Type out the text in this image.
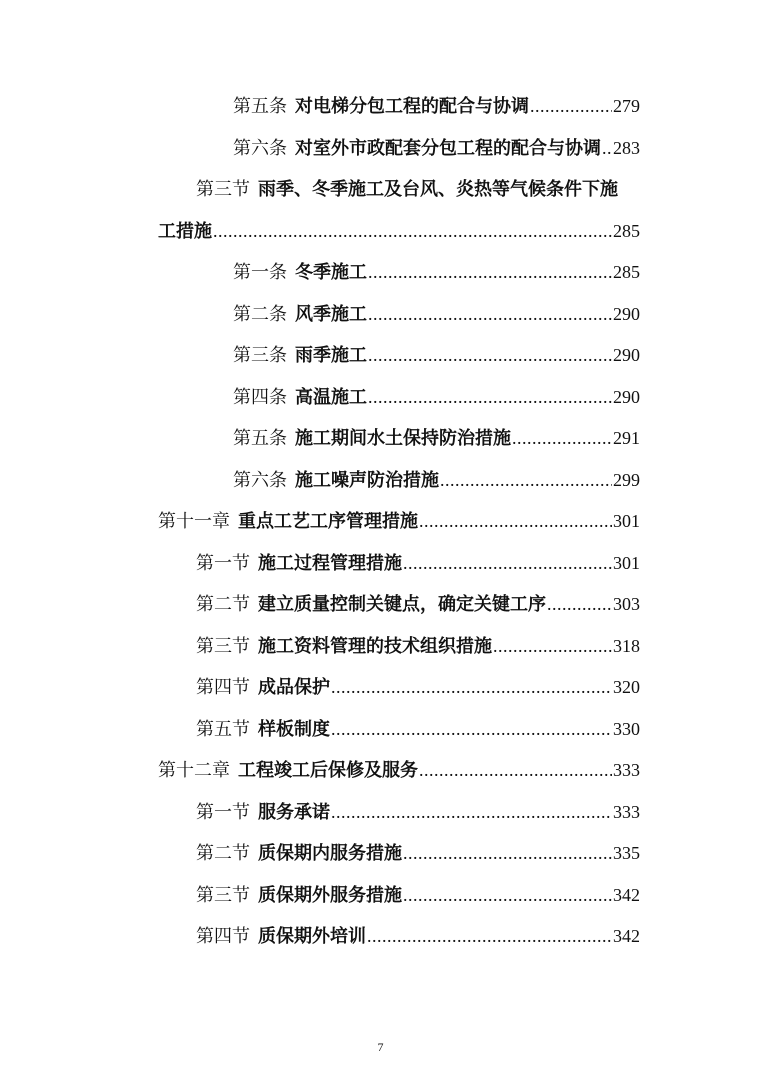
第五条 对电梯分包工程的配合与协调 .....	279
第六条 对室外市政配套分包工程的配合与协调 ..... 283
第三节 雨季、冬季施工及台风、炎热等气候条件下施
工措施 .....	285
第一条 冬季施工 .....	285
第二条 风季施工 .....	290
第三条 雨季施工 .....	290
第四条 高温施工 .....	290
第五条 施工期间水土保持防治措施 .....	291
第六条 施工噪声防治措施 .....	299
第十一章 重点工艺工序管理措施 .....	301
第一节 施工过程管理措施 .....	301
第二节 建立质量控制关键点，确定关键工序 .....	303
第三节 施工资料管理的技术组织措施 .....	318
第四节 成品保护 .....	320
第五节 样板制度 .....	330
第十二章 工程竣工后保修及服务 .....	333
第一节 服务承诺 .....	333
第二节 质保期内服务措施 .....	335
第三节 质保期外服务措施 .....	342
第四节 质保期外培训 .....	342
7
